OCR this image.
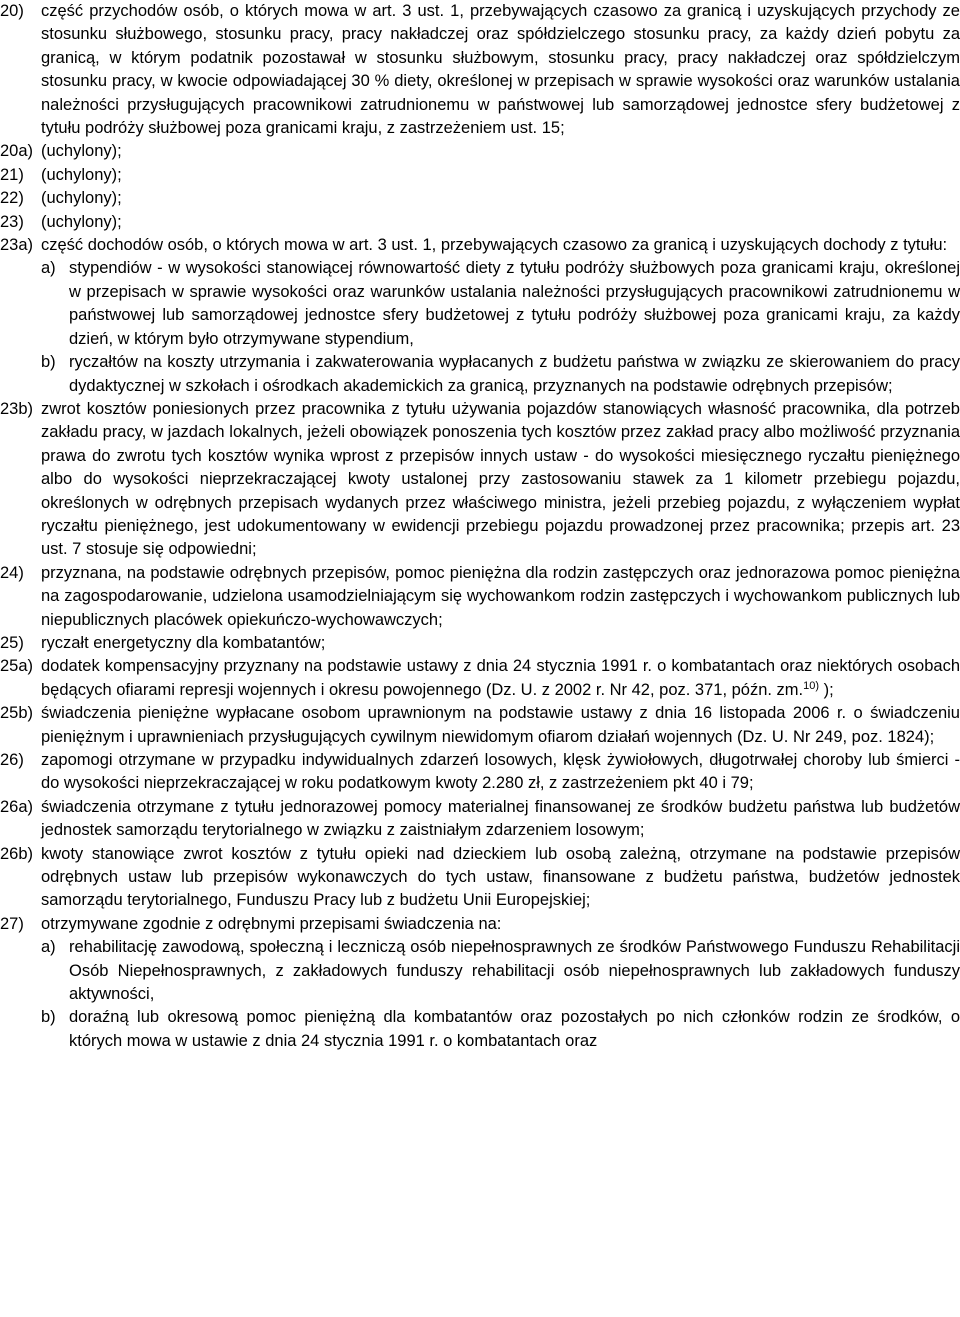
20)	część przychodów osób, o których mowa w art. 3 ust. 1, przebywających czasowo za granicą i uzyskujących przychody ze stosunku służbowego, stosunku pracy, pracy nakładczej oraz spółdzielczego stosunku pracy, za każdy dzień pobytu za granicą, w którym podatnik pozostawał w stosunku służbowym, stosunku pracy, pracy nakładczej oraz spółdzielczym stosunku pracy, w kwocie odpowiadającej 30 % diety, określonej w przepisach w sprawie wysokości oraz warunków ustalania należności przysługujących pracownikowi zatrudnionemu w państwowej lub samorządowej jednostce sfery budżetowej z tytułu podróży służbowej poza granicami kraju, z zastrzeżeniem ust. 15;
20a) (uchylony);
21)	(uchylony);
22)	(uchylony);
23)	(uchylony);
23a) część dochodów osób, o których mowa w art. 3 ust. 1, przebywających czasowo za granicą i uzyskujących dochody z tytułu:
a) stypendiów - w wysokości stanowiącej równowartość diety z tytułu podróży służbowych poza granicami kraju, określonej w przepisach w sprawie wysokości oraz warunków ustalania należności przysługujących pracownikowi zatrudnionemu w państwowej lub samorządowej jednostce sfery budżetowej z tytułu podróży służbowej poza granicami kraju, za każdy dzień, w którym było otrzymywane stypendium,
b) ryczałtów na koszty utrzymania i zakwaterowania wypłacanych z budżetu państwa w związku ze skierowaniem do pracy dydaktycznej w szkołach i ośrodkach akademickich za granicą, przyznanych na podstawie odrębnych przepisów;
23b) zwrot kosztów poniesionych przez pracownika z tytułu używania pojazdów stanowiących własność pracownika, dla potrzeb zakładu pracy, w jazdach lokalnych, jeżeli obowiązek ponoszenia tych kosztów przez zakład pracy albo możliwość przyznania prawa do zwrotu tych kosztów wynika wprost z przepisów innych ustaw - do wysokości miesięcznego ryczałtu pieniężnego albo do wysokości nieprzekraczającej kwoty ustalonej przy zastosowaniu stawek za 1 kilometr przebiegu pojazdu, określonych w odrębnych przepisach wydanych przez właściwego ministra, jeżeli przebieg pojazdu, z wyłączeniem wypłat ryczałtu pieniężnego, jest udokumentowany w ewidencji przebiegu pojazdu prowadzonej przez pracownika; przepis art. 23 ust. 7 stosuje się odpowiedni;
24)	przyznana, na podstawie odrębnych przepisów, pomoc pieniężna dla rodzin zastępczych oraz jednorazowa pomoc pieniężna na zagospodarowanie, udzielona usamodzielniającym się wychowankom rodzin zastępczych i wychowankom publicznych lub niepublicznych placówek opiekuńczo-wychowawczych;
25)	ryczałt energetyczny dla kombatantów;
25a) dodatek kompensacyjny przyznany na podstawie ustawy z dnia 24 stycznia 1991 r. o kombatantach oraz niektórych osobach będących ofiarami represji wojennych i okresu powojennego (Dz. U. z 2002 r. Nr 42, poz. 371, późn. zm.$^{10)}$ );
25b) świadczenia pieniężne wypłacane osobom uprawnionym na podstawie ustawy z dnia 16 listopada 2006 r. o świadczeniu pieniężnym i uprawnieniach przysługujących cywilnym niewidomym ofiarom działań wojennych (Dz. U. Nr 249, poz. 1824);
26)	zapomogi otrzymane w przypadku indywidualnych zdarzeń losowych, klęsk żywiołowych, długotrwałej choroby lub śmierci - do wysokości nieprzekraczającej w roku podatkowym kwoty 2.280 zł, z zastrzeżeniem pkt 40 i 79;
26a) świadczenia otrzymane z tytułu jednorazowej pomocy materialnej finansowanej ze środków budżetu państwa lub budżetów jednostek samorządu terytorialnego w związku z zaistniałym zdarzeniem losowym;
26b) kwoty stanowiące zwrot kosztów z tytułu opieki nad dzieckiem lub osobą zależną, otrzymane na podstawie przepisów odrębnych ustaw lub przepisów wykonawczych do tych ustaw, finansowane z budżetu państwa, budżetów jednostek samorządu terytorialnego, Funduszu Pracy lub z budżetu Unii Europejskiej;
27)	otrzymywane zgodnie z odrębnymi przepisami świadczenia na:
a) rehabilitację zawodową, społeczną i leczniczą osób niepełnosprawnych ze środków Państwowego Funduszu Rehabilitacji Osób Niepełnosprawnych, z zakładowych funduszy rehabilitacji osób niepełnosprawnych lub zakładowych funduszy aktywności,
b) doraźną lub okresową pomoc pieniężną dla kombatantów oraz pozostałych po nich członków rodzin ze środków, o których mowa w ustawie z dnia 24 stycznia 1991 r. o kombatantach oraz
